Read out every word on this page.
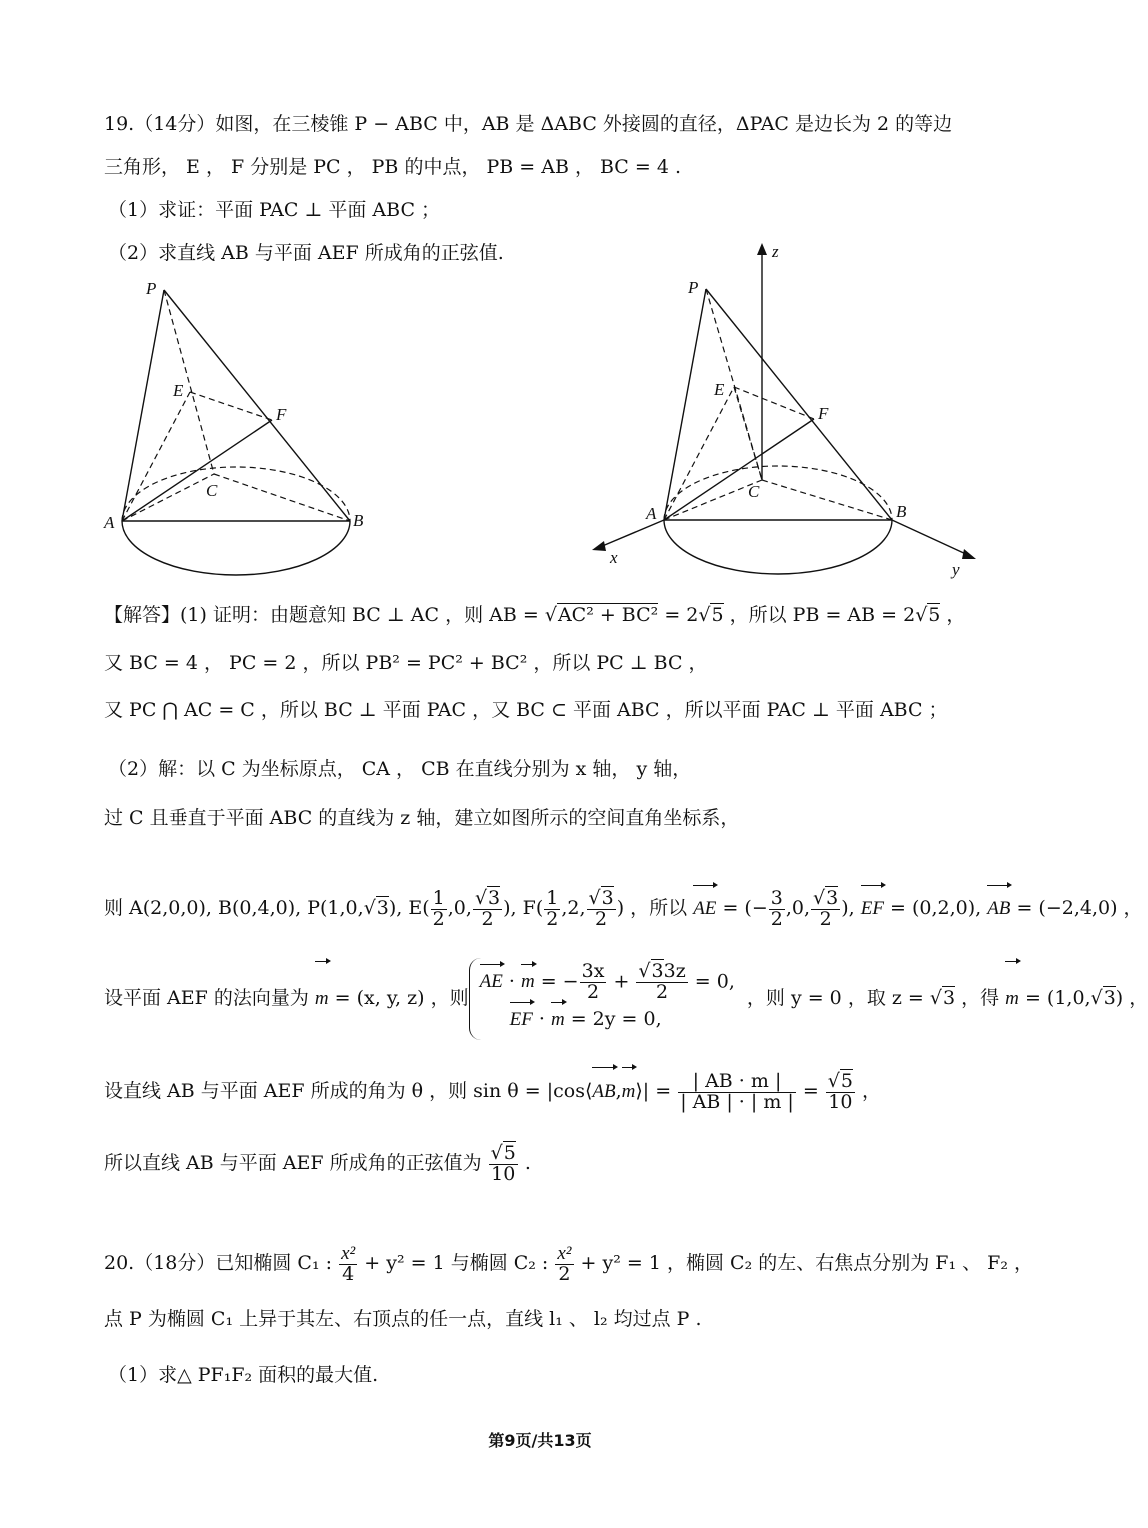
19.（14分）如图，在三棱锥 P − ABC 中，AB 是 ΔABC 外接圆的直径，ΔPAC 是边长为 2 的等边
三角形， E ， F 分别是 PC ， PB 的中点， PB = AB ， BC = 4 .
（1）求证：平面 PAC ⊥ 平面 ABC ；
（2）求直线 AB 与平面 AEF 所成角的正弦值.
P
E
F
C
A	B
z
P
E
F
C
A	B
x
y
【解答】(1) 证明：由题意知 BC ⊥ AC ，则 AB = √AC² + BC² = 2√5 ，所以 PB = AB = 2√5 ，
又 BC = 4 ， PC = 2 ，所以 PB² = PC² + BC² ，所以 PC ⊥ BC ，
又 PC ⋂ AC = C ，所以 BC ⊥ 平面 PAC ，又 BC ⊂ 平面 ABC ，所以平面 PAC ⊥ 平面 ABC ；
（2）解：以 C 为坐标原点， CA ， CB 在直线分别为 x 轴， y 轴，
过 C 且垂直于平面 ABC 的直线为 z 轴，建立如图所示的空间直角坐标系，
则 A(2,0,0), B(0,4,0), P(1,0,√3), $E( \frac{1}{2} ,0$, $\frac{√3}{2}$ ), $F( \frac{1}{2} ,2$, $\frac{√3}{2}$ ) ，所以 AE = (− $\frac{3}{2} ,0$, $\frac{√3}{2}$ ), EF = (0,2,0), AB = (−2,4,0) ，
设平面 AEF 的法向量为 m = (x, y, z) ，则
AE · m = − $\frac{3x}{2} + \frac{√33z}{2} = 0$,
EF · m = 2y = 0,
，则 y = 0 ，取 z = √3 ，得 m = (1,0,√3) ，
设直线 AB 与平面 AEF 所成的角为 θ ，则 sin θ = |cos⟨AB,m⟩| = $\frac{| AB \cdot m |}{| AB | \cdot | m |} = \frac{√5}{10}$ ，
所以直线 AB 与平面 AEF 所成角的正弦值为 $\frac{√5}{10}$ .
20.（18分）已知椭圆 C₁ : $\frac{\text{x²}}{4} + y^2 = 1$ 与椭圆 C₂ : $\frac{\text{x²}}{2} + y^2 = 1$ ，椭圆 C₂ 的左、右焦点分别为 F₁ 、 F₂ ，
点 P 为椭圆 C₁ 上异于其左、右顶点的任一点，直线 l₁ 、 l₂ 均过点 P .
（1）求△ PF₁F₂ 面积的最大值.
第9页/共13页
